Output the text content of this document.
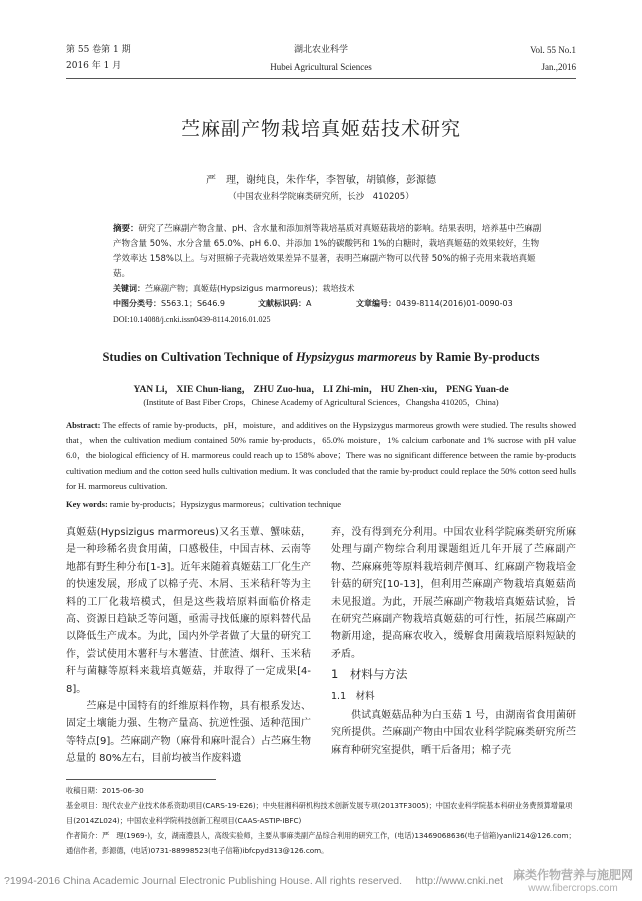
第 55 卷第 1 期
2016 年 1 月
湖北农业科学
Hubei Agricultural Sciences
Vol. 55 No.1
Jan.,2016
苎麻副产物栽培真姬菇技术研究
严　理，谢纯良，朱作华，李智敏，胡镇修，彭源德
（中国农业科学院麻类研究所，长沙　410205）
摘要：研究了苎麻副产物含量、pH、含水量和添加剂等栽培基质对真姬菇栽培的影响。结果表明，培养基中苎麻副产物含量 50%、水分含量 65.0%、pH 6.0、并添加 1%的碳酸钙和 1%的白糖时，栽培真姬菇的效果较好，生物学效率达 158%以上。与对照棉子壳栽培效果差异不显著，表明苎麻副产物可以代替 50%的棉子壳用来栽培真姬菇。
关键词：苎麻副产物；真姬菇(Hypsizigus marmoreus)；栽培技术
中图分类号：S563.1；S646.9	文献标识码：A	文章编号：0439-8114(2016)01-0090-03
DOI:10.14088/j.cnki.issn0439-8114.2016.01.025
Studies on Cultivation Technique of Hypsizygus marmoreus by Ramie By-products
YAN Li， XIE Chun-liang， ZHU Zuo-hua， LI Zhi-min， HU Zhen-xiu， PENG Yuan-de
(Institute of Bast Fiber Crops，Chinese Academy of Agricultural Sciences，Changsha 410205，China)
Abstract: The effects of ramie by-products，pH，moisture，and additives on the Hypsizygus marmoreus growth were studied. The results showed that，when the cultivation medium contained 50% ramie by-products，65.0% moisture，1% calcium carbonate and 1% sucrose with pH value 6.0，the biological efficiency of H. marmoreus could reach up to 158% above；There was no significant difference between the ramie by-products cultivation medium and the cotton seed hulls cultivation medium. It was concluded that the ramie by-product could replace the 50% cotton seed hulls for H. marmoreus cultivation.
Key words: ramie by-products；Hypsizygus marmoreus；cultivation technique
真姬菇(Hypsizigus marmoreus)又名玉蕈、蟹味菇，是一种珍稀名贵食用菌，口感极佳，中国吉林、云南等地都有野生种分布[1-3]。近年来随着真姬菇工厂化生产的快速发展，形成了以棉子壳、木屑、玉米秸秆等为主料的工厂化栽培模式，但是这些栽培原料面临价格走高、资源日趋缺乏等问题，亟需寻找低廉的原料替代品以降低生产成本。为此，国内外学者做了大量的研究工作，尝试使用木薯秆与木薯渣、甘蔗渣、烟秆、玉米秸秆与菌糠等原料来栽培真姬菇，并取得了一定成果[4-8]。
　　苎麻是中国特有的纤维原料作物，具有根系发达、固定土壤能力强、生物产量高、抗逆性强、适种范围广等特点[9]。苎麻副产物（麻骨和麻叶混合）占苎麻生物总量的 80%左右，目前均被当作废料遗
弃，没有得到充分利用。中国农业科学院麻类研究所麻处理与副产物综合利用课题组近几年开展了苎麻副产物、苎麻麻蔸等原料栽培刺芹侧耳、红麻副产物栽培金针菇的研究[10-13]，但利用苎麻副产物栽培真姬菇尚未见报道。为此，开展苎麻副产物栽培真姬菇试验，旨在研究苎麻副产物栽培真姬菇的可行性，拓展苎麻副产物新用途，提高麻农收入，缓解食用菌栽培原料短缺的矛盾。
1　 材料与方法
1.1　 材料
供试真姬菇品种为白玉菇 1 号，由湖南省食用菌研究所提供。苎麻副产物由中国农业科学院麻类研究所苎麻育种研究室提供，晒干后备用；棉子壳
收稿日期：2015-06-30
基金项目：现代农业产业技术体系资助项目(CARS-19-E26)；中央驻湘科研机构技术创新发展专项(2013TF3005)；中国农业科学院基本科研业务费预算增量项目(2014ZL024)；中国农业科学院科技创新工程项目(CAAS-ASTIP-IBFC)
作者简介：严　理(1969-)，女，湖南澧县人，高级实验师，主要从事麻类副产品综合利用的研究工作，(电话)13469068636(电子信箱)yanli214@126.com；通信作者，彭源德，(电话)0731-88998523(电子信箱)ibfcpyd313@126.com。
?1994-2016 China Academic Journal Electronic Publishing House. All rights reserved.　 http://www.cnki.net 麻类作物营养与施肥网
www.fibercrops.com
